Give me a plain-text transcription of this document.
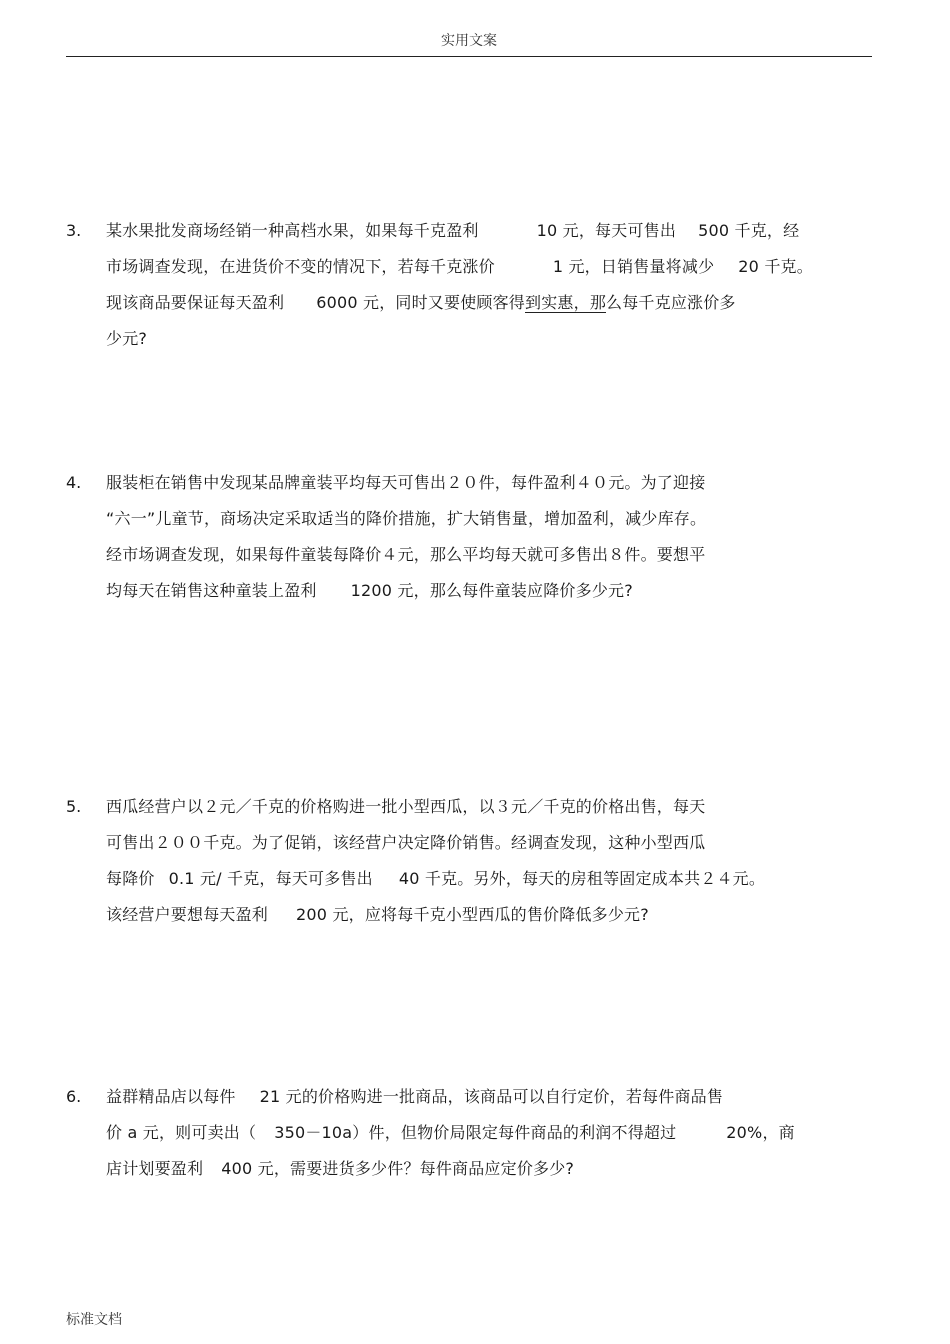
实用文案
3. 某水果批发商场经销一种高档水果，如果每千克盈利	10 元，每天可售出 500 千克，经
市场调查发现，在进货价不变的情况下，若每千克涨价	1 元，日销售量将减少 20 千克。
现该商品要保证每天盈利 6000 元，同时又要使顾客得到实惠，那么每千克应涨价多
少元?
4. 服装柜在销售中发现某品牌童装平均每天可售出２０件，每件盈利４０元。为了迎接
“六一”儿童节，商场决定采取适当的降价措施，扩大销售量，增加盈利，减少库存。
经市场调查发现，如果每件童装每降价４元，那么平均每天就可多售出８件。要想平
均每天在销售这种童装上盈利 1200 元，那么每件童装应降价多少元?
5. 西瓜经营户以２元／千克的价格购进一批小型西瓜，以３元／千克的价格出售，每天
可售出２００千克。为了促销，该经营户决定降价销售。经调查发现，这种小型西瓜
每降价 0.1 元/ 千克，每天可多售出 40 千克。另外，每天的房租等固定成本共２４元。
该经营户要想每天盈利 200 元，应将每千克小型西瓜的售价降低多少元?
6. 益群精品店以每件 21 元的价格购进一批商品，该商品可以自行定价，若每件商品售
价 a 元，则可卖出（ 350－10a）件，但物价局限定每件商品的利润不得超过	20%，商
店计划要盈利 400 元，需要进货多少件？每件商品应定价多少?
标准文档
